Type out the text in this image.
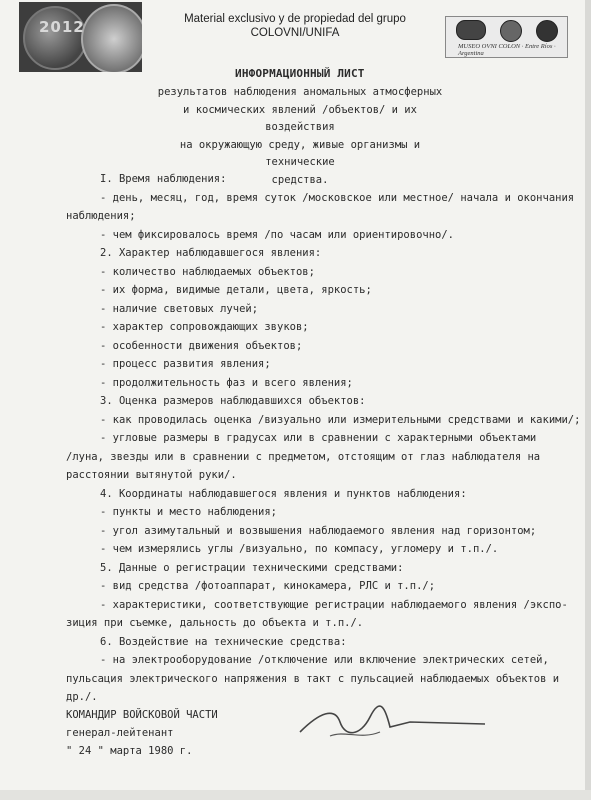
2012	Material exclusivo y de propiedad del grupo
COLOVNI/UNIFA
MUSEO OVNI COLON · Entre Ríos · Argentina
ИНФОРМАЦИОННЫЙ ЛИСТ
результатов наблюдения аномальных атмосферных
и космических явлений /объектов/ и их воздействия
на окружающую среду, живые организмы и технические
средства.
I. Время наблюдения:
- день, месяц, год, время суток /московское или местное/ начала и окончания
наблюдения;
- чем фиксировалось время /по часам или ориентировочно/.
2. Характер наблюдавшегося явления:
- количество наблюдаемых объектов;
- их форма, видимые детали, цвета, яркость;
- наличие световых лучей;
- характер сопровождающих звуков;
- особенности движения объектов;
- процесс развития явления;
- продолжительность фаз и всего явления;
3. Оценка размеров наблюдавшихся объектов:
- как проводилась оценка /визуально или измерительными средствами и какими/;
- угловые размеры в градусах или в сравнении с характерными объектами
/луна, звезды или в сравнении с предметом, отстоящим от глаз наблюдателя на
расстоянии вытянутой руки/.
4. Координаты наблюдавшегося явления и пунктов наблюдения:
- пункты и место наблюдения;
- угол азимутальный и возвышения наблюдаемого явления над горизонтом;
- чем измерялись углы /визуально, по компасу, угломеру и т.п./.
5. Данные о регистрации техническими средствами:
- вид средства /фотоаппарат, кинокамера, РЛС и т.п./;
- характеристики, соответствующие регистрации наблюдаемого явления /экспо-
зиция при съемке, дальность до объекта и т.п./.
6. Воздействие на технические средства:
- на электрооборудование /отключение или включение электрических сетей,
пульсация электрического напряжения в такт с пульсацией наблюдаемых объектов и
др./.
КОМАНДИР ВОЙСКОВОЙ ЧАСТИ
генерал-лейтенант
" 24 " марта 1980 г.
